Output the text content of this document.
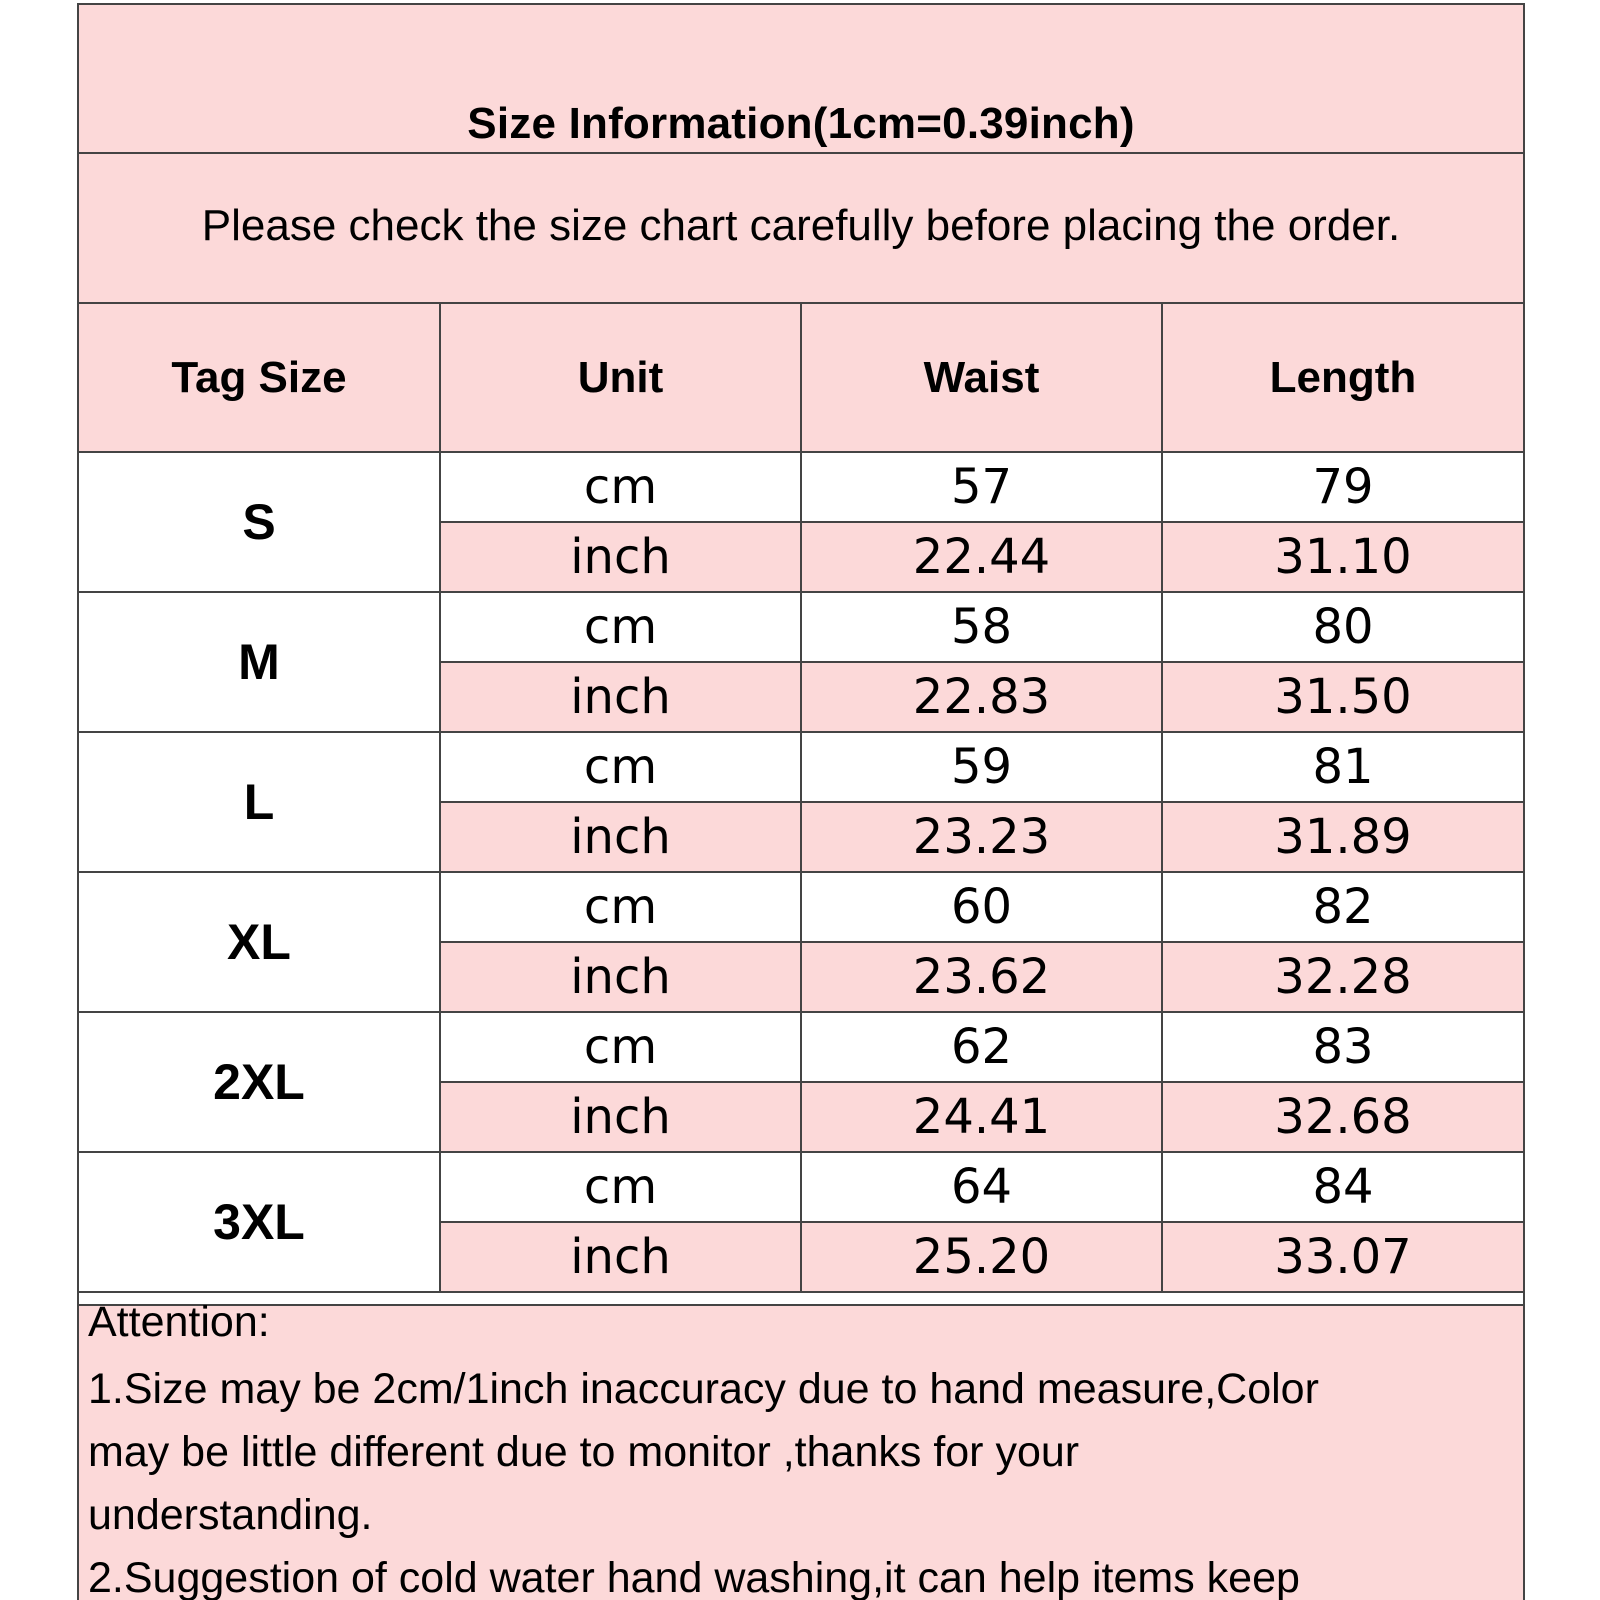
Size Information(1cm=0.39inch)
Please check the size chart carefully before placing the order.
Tag Size	Unit	Waist	Length
S	cm	57	79
	inch	22.44	31.10
M	cm	58	80
	inch	22.83	31.50
L	cm	59	81
	inch	23.23	31.89
XL	cm	60	82
	inch	23.62	32.28
2XL	cm	62	83
	inch	24.41	32.68
3XL	cm	64	84
	inch	25.20	33.07
Attention:
1.Size may be 2cm/1inch inaccuracy due to hand measure,Color
may be little different due to monitor ,thanks for your
understanding.
2.Suggestion of cold water hand washing,it can help items keep
